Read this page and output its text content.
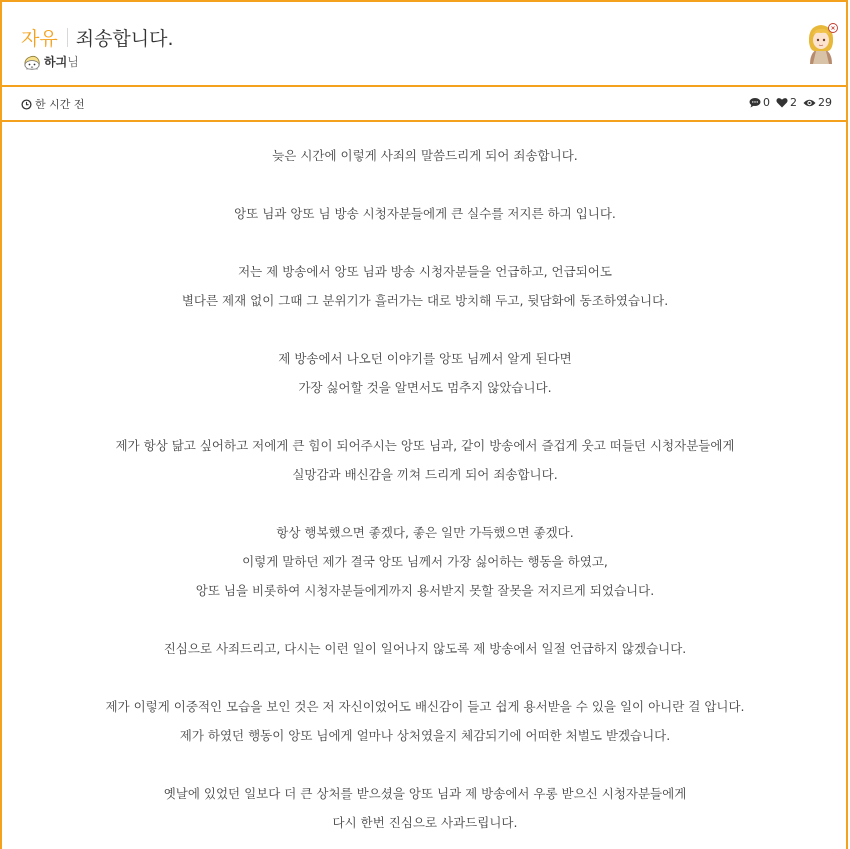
자유 죄송합니다.
하긔 님
한 시간 전	0 2 29

늦은 시간에 이렇게 사죄의 말씀드리게 되어 죄송합니다.

앙또 님과 앙또 님 방송 시청자분들에게 큰 실수를 저지른 하긔 입니다.

저는 제 방송에서 앙또 님과 방송 시청자분들을 언급하고, 언급되어도

별다른 제재 없이 그때 그 분위기가 흘러가는 대로 방치해 두고, 뒷담화에 동조하였습니다.

제 방송에서 나오던 이야기를 앙또 님께서 알게 된다면

가장 싫어할 것을 알면서도 멈추지 않았습니다.

제가 항상 닮고 싶어하고 저에게 큰 힘이 되어주시는 앙또 님과, 같이 방송에서 즐겁게 웃고 떠들던 시청자분들에게

실망감과 배신감을 끼쳐 드리게 되어 죄송합니다.

항상 행복했으면 좋겠다, 좋은 일만 가득했으면 좋겠다.

이렇게 말하던 제가 결국 앙또 님께서 가장 싫어하는 행동을 하였고,

앙또 님을 비롯하여 시청자분들에게까지 용서받지 못할 잘못을 저지르게 되었습니다.

진심으로 사죄드리고, 다시는 이런 일이 일어나지 않도록 제 방송에서 일절 언급하지 않겠습니다.

제가 이렇게 이중적인 모습을 보인 것은 저 자신이었어도 배신감이 들고 쉽게 용서받을 수 있을 일이 아니란 걸 압니다.

제가 하였던 행동이 앙또 님에게 얼마나 상처였을지 체감되기에 어떠한 처벌도 받겠습니다.

옛날에 있었던 일보다 더 큰 상처를 받으셨을 앙또 님과 제 방송에서 우롱 받으신 시청자분들에게

다시 한번 진심으로 사과드립니다.
